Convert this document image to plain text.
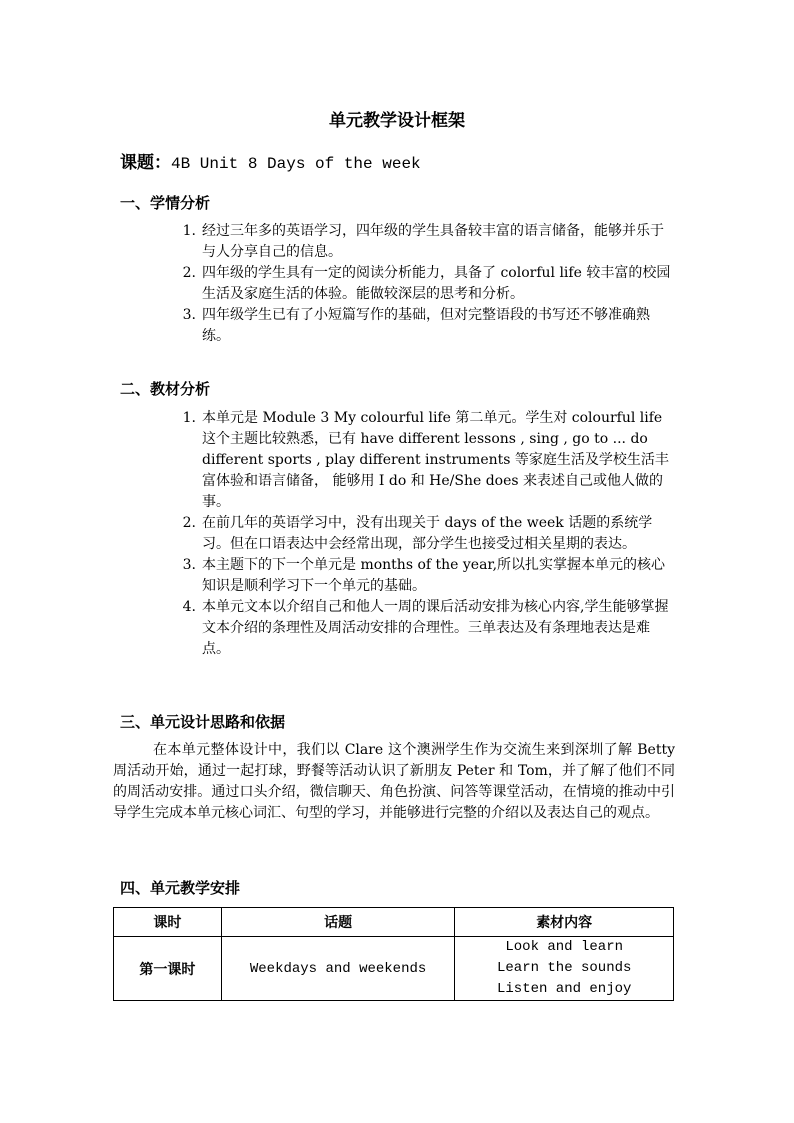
单元教学设计框架
课题：4B Unit 8 Days of the week
一、学情分析
1. 经过三年多的英语学习，四年级的学生具备较丰富的语言储备，能够并乐于与人分享自己的信息。
2. 四年级的学生具有一定的阅读分析能力，具备了 colorful life 较丰富的校园生活及家庭生活的体验。能做较深层的思考和分析。
3. 四年级学生已有了小短篇写作的基础，但对完整语段的书写还不够准确熟练。
二、教材分析
1. 本单元是 Module 3 My colourful life 第二单元。学生对 colourful life 这个主题比较熟悉，已有 have different lessons , sing , go to ... do different sports , play different instruments 等家庭生活及学校生活丰富体验和语言储备， 能够用 I do 和 He/She does 来表述自己或他人做的事。
2. 在前几年的英语学习中，没有出现关于 days of the week 话题的系统学习。但在口语表达中会经常出现，部分学生也接受过相关星期的表达。
3. 本主题下的下一个单元是 months of the year,所以扎实掌握本单元的核心知识是顺利学习下一个单元的基础。
4. 本单元文本以介绍自己和他人一周的课后活动安排为核心内容,学生能够掌握文本介绍的条理性及周活动安排的合理性。三单表达及有条理地表达是难点。
三、单元设计思路和依据

在本单元整体设计中，我们以 Clare 这个澳洲学生作为交流生来到深圳了解 Betty 周活动开始，通过一起打球，野餐等活动认识了新朋友 Peter 和 Tom，并了解了他们不同的周活动安排。通过口头介绍，微信聊天、角色扮演、问答等课堂活动，在情境的推动中引导学生完成本单元核心词汇、句型的学习，并能够进行完整的介绍以及表达自己的观点。

四、单元教学安排
课时	话题	素材内容
第一课时	Weekdays and weekends	Look and learn
Learn the sounds
Listen and enjoy
